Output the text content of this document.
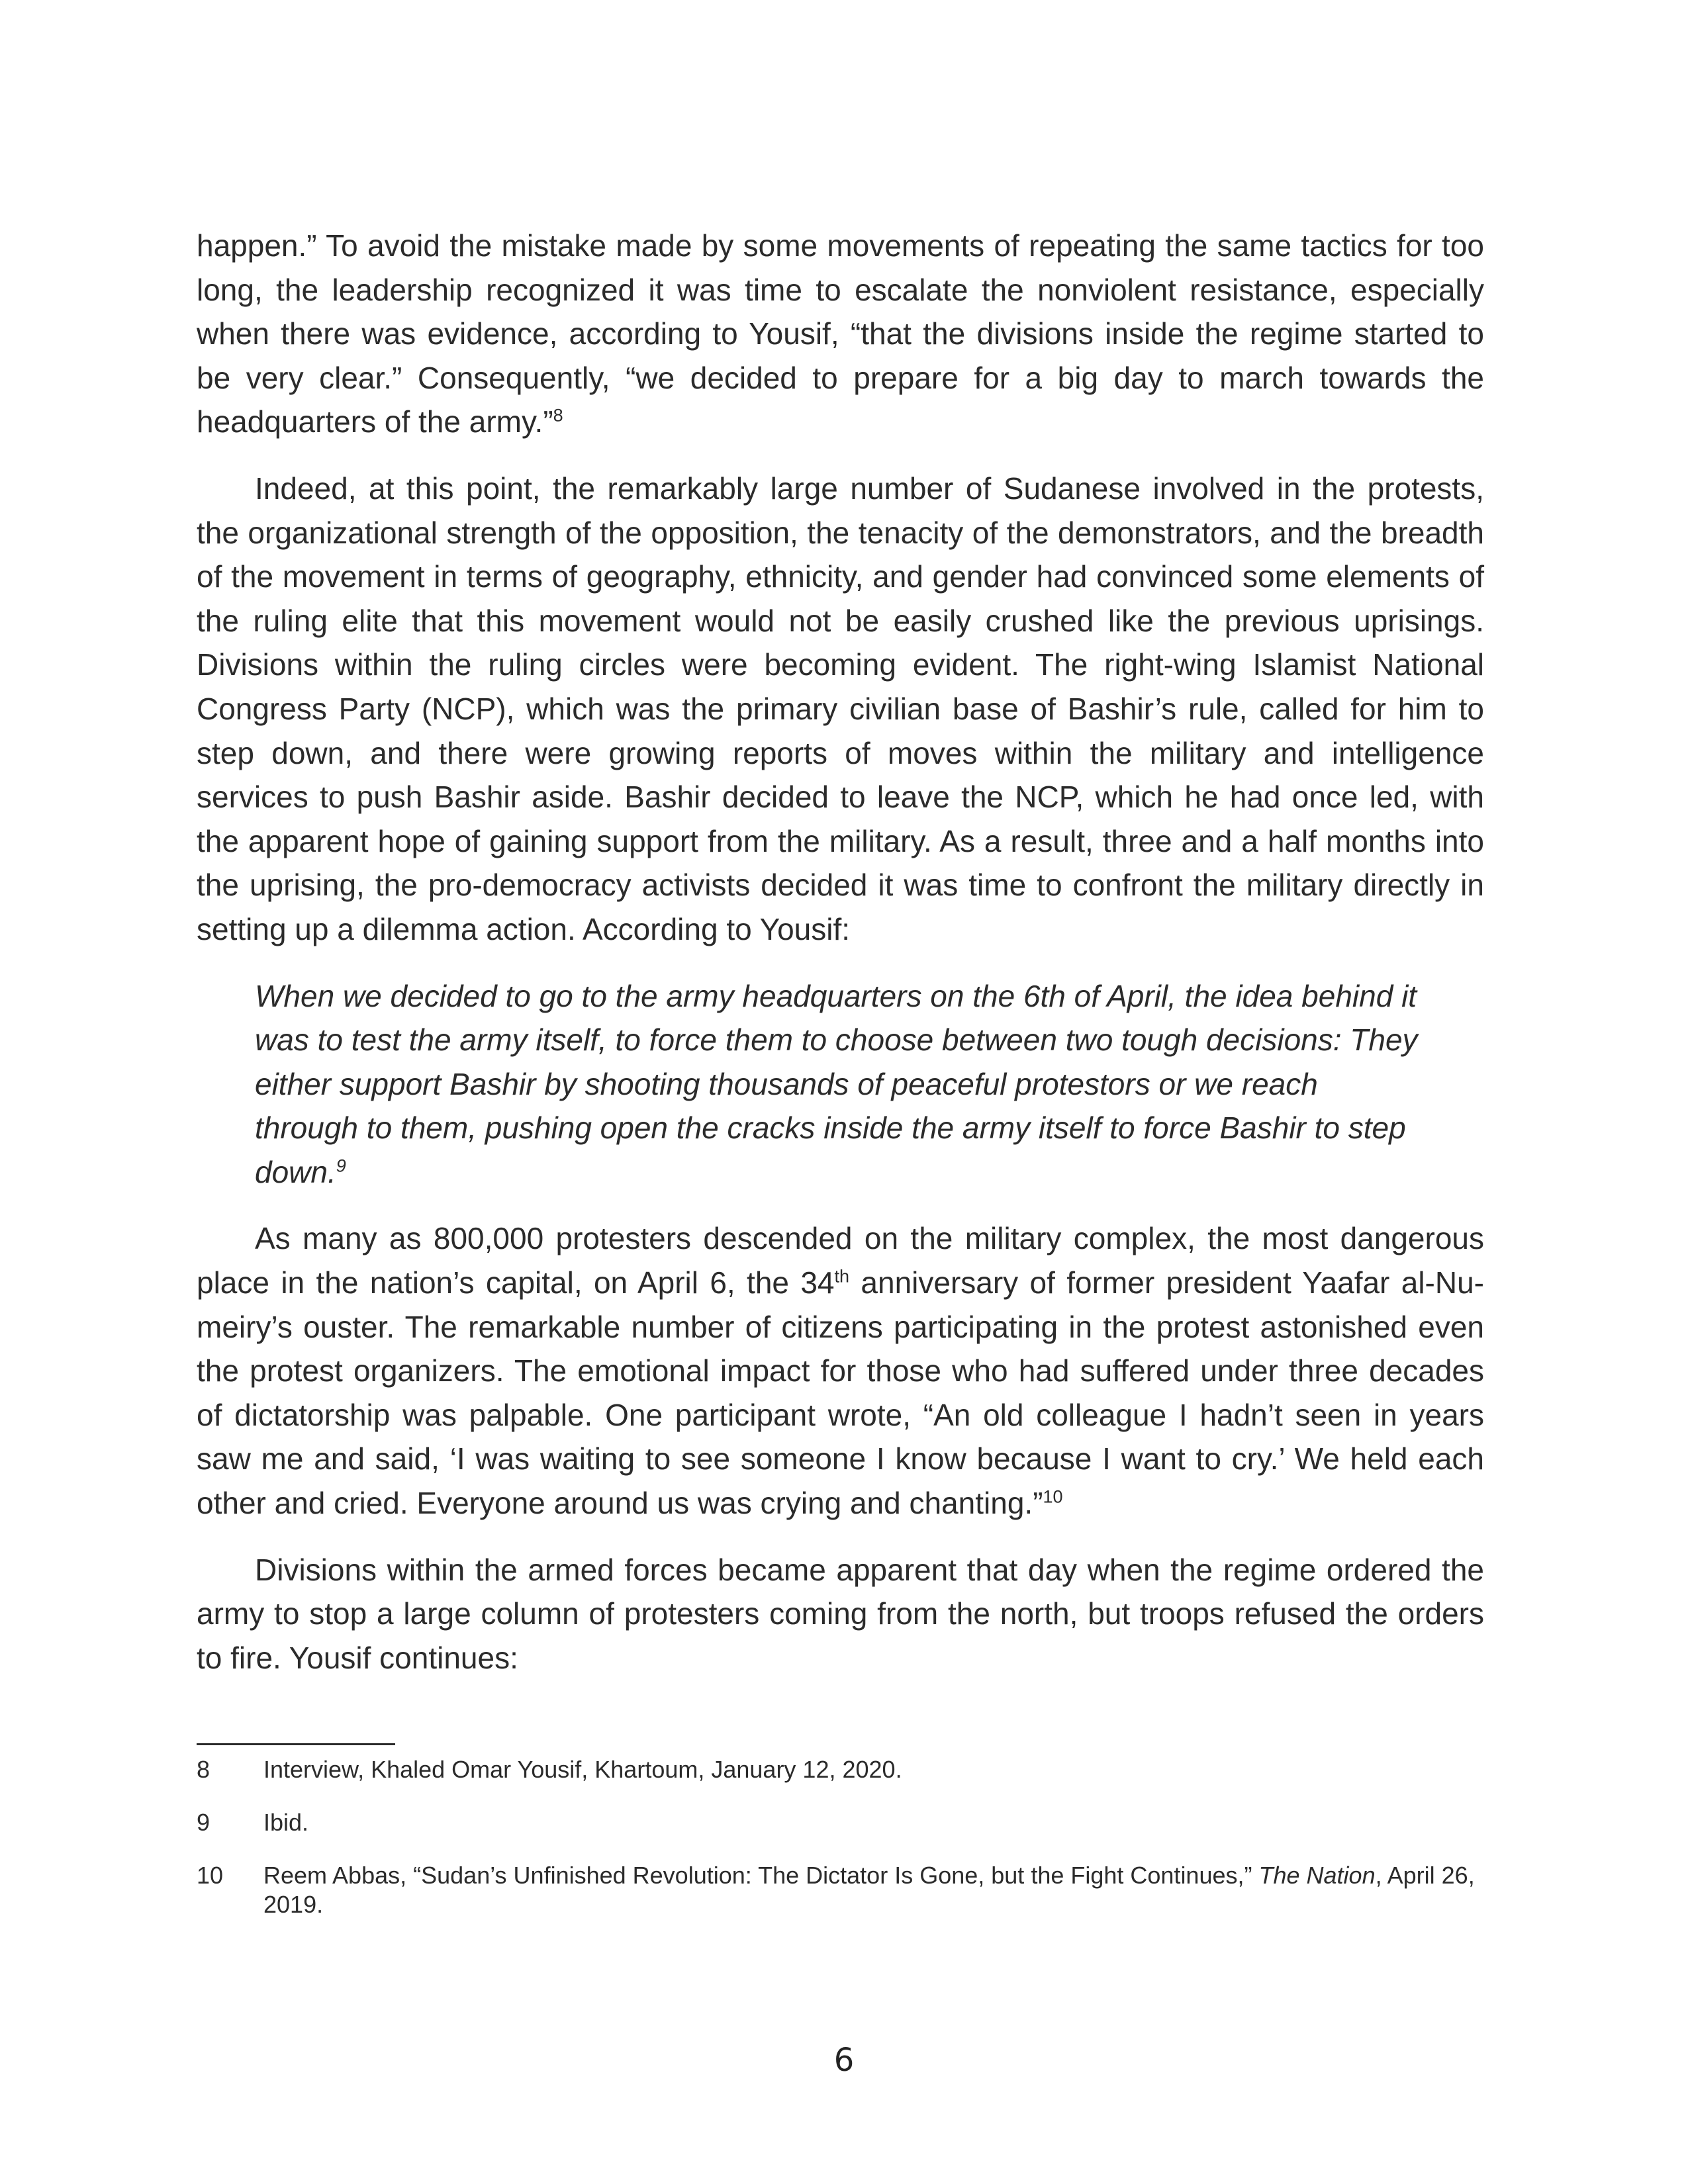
happen.” To avoid the mistake made by some movements of repeating the same tactics for too long, the leadership recognized it was time to escalate the nonviolent resistance, especially when there was evidence, according to Yousif, “that the divisions inside the regime started to be very clear.” Consequently, “we decided to prepare for a big day to march towards the headquarters of the army.”$^8$

Indeed, at this point, the remarkably large number of Sudanese involved in the protests, the organizational strength of the opposition, the tenacity of the demonstrators, and the breadth of the movement in terms of geography, ethnicity, and gender had convinced some elements of the ruling elite that this movement would not be easily crushed like the previous uprisings. Divisions within the ruling circles were becoming evident. The right-wing Islamist National Congress Party (NCP), which was the primary civilian base of Bashir’s rule, called for him to step down, and there were growing reports of moves within the military and intelligence services to push Bashir aside. Bashir decided to leave the NCP, which he had once led, with the apparent hope of gaining support from the military. As a result, three and a half months into the uprising, the pro-democracy activists decided it was time to confront the military directly in setting up a dilemma action. According to Yousif:

When we decided to go to the army headquarters on the 6th of April, the idea behind it was to test the army itself, to force them to choose between two tough decisions: They either support Bashir by shooting thousands of peaceful protestors or we reach through to them, pushing open the cracks inside the army itself to force Bashir to step down.$^9$

As many as 800,000 protesters descended on the military complex, the most dangerous place in the nation’s capital, on April 6, the 34th anniversary of former president Yaafar al-Numeiry’s ouster. The remarkable number of citizens participating in the protest astonished even the protest organizers. The emotional impact for those who had suffered under three decades of dictatorship was palpable. One participant wrote, “An old colleague I hadn’t seen in years saw me and said, ‘I was waiting to see someone I know because I want to cry.’ We held each other and cried. Everyone around us was crying and chanting.”$^{10}$

Divisions within the armed forces became apparent that day when the regime ordered the army to stop a large column of protesters coming from the north, but troops refused the orders to fire. Yousif continues:

8	Interview, Khaled Omar Yousif, Khartoum, January 12, 2020.
9	Ibid.
10	Reem Abbas, “Sudan’s Unfinished Revolution: The Dictator Is Gone, but the Fight Continues,” The Nation, April 26, 2019.
6
